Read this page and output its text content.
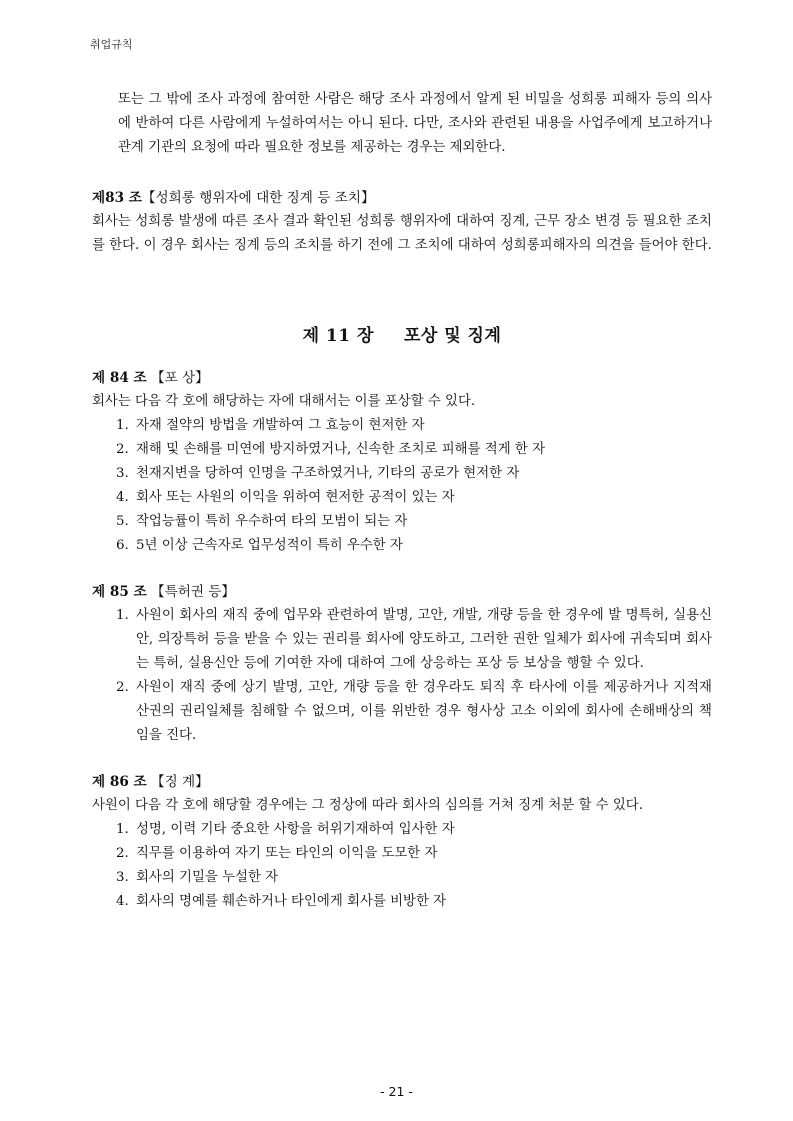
취업규칙

또는 그 밖에 조사 과정에 참여한 사람은 해당 조사 과정에서 알게 된 비밀을 성희롱 피해자 등의 의사에 반하여 다른 사람에게 누설하여서는 아니 된다. 다만, 조사와 관련된 내용을 사업주에게 보고하거나 관계 기관의 요청에 따라 필요한 정보를 제공하는 경우는 제외한다.

제83 조【성희롱 행위자에 대한 징계 등 조치】
회사는 성희롱 발생에 따른 조사 결과 확인된 성희롱 행위자에 대하여 징계, 근무 장소 변경 등 필요한 조치를 한다. 이 경우 회사는 징계 등의 조치를 하기 전에 그 조치에 대하여 성희롱피해자의 의견을 들어야 한다.
제 11 장 포상 및 징계
제 84 조 【포 상】
회사는 다음 각 호에 해당하는 자에 대해서는 이를 포상할 수 있다.
1. 자재 절약의 방법을 개발하여 그 효능이 현저한 자
2. 재해 및 손해를 미연에 방지하였거나, 신속한 조치로 피해를 적게 한 자
3. 천재지변을 당하여 인명을 구조하였거나, 기타의 공로가 현저한 자
4. 회사 또는 사원의 이익을 위하여 현저한 공적이 있는 자
5. 작업능률이 특히 우수하여 타의 모범이 되는 자
6. 5년 이상 근속자로 업무성적이 특히 우수한 자
제 85 조 【특허권 등】
1. 사원이 회사의 재직 중에 업무와 관련하여 발명, 고안, 개발, 개량 등을 한 경우에 발 명특허, 실용신안, 의장특허 등을 받을 수 있는 권리를 회사에 양도하고, 그러한 권한 일체가 회사에 귀속되며 회사는 특허, 실용신안 등에 기여한 자에 대하여 그에 상응하는 포상 등 보상을 행할 수 있다.
2. 사원이 재직 중에 상기 발명, 고안, 개량 등을 한 경우라도 퇴직 후 타사에 이를 제공하거나 지적재산권의 권리일체를 침해할 수 없으며, 이를 위반한 경우 형사상 고소 이외에 회사에 손해배상의 책임을 진다.
제 86 조 【징 계】
사원이 다음 각 호에 해당할 경우에는 그 정상에 따라 회사의 심의를 거쳐 징계 처분 할 수 있다.
1. 성명, 이력 기타 중요한 사항을 허위기재하여 입사한 자
2. 직무를 이용하여 자기 또는 타인의 이익을 도모한 자
3. 회사의 기밀을 누설한 자
4. 회사의 명예를 훼손하거나 타인에게 회사를 비방한 자
- 21 -
